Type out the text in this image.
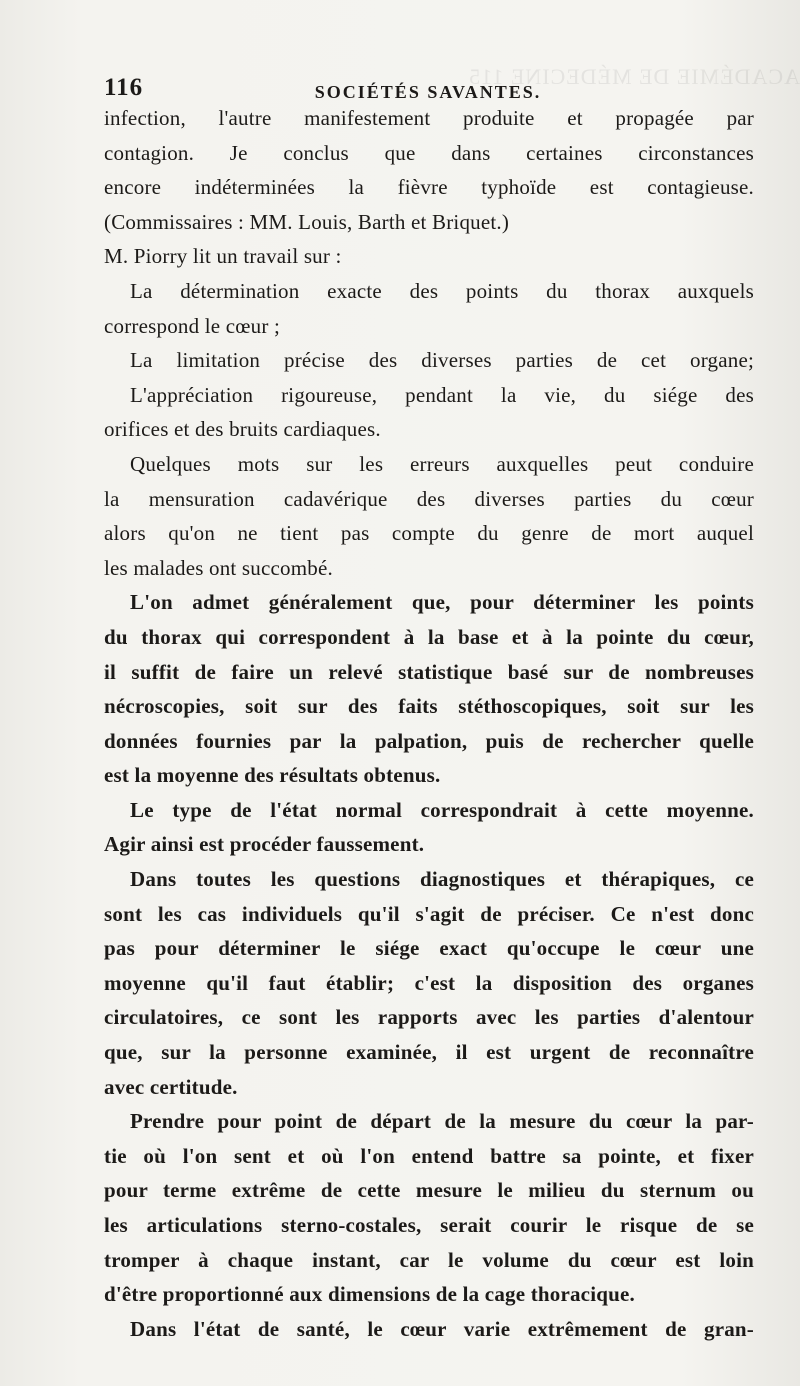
ACADÉMIE DE MÉDECINE 115
116	SOCIÉTÉS SAVANTES.
infection, l'autre manifestement produite et propagée par
contagion. Je conclus que dans certaines circonstances
encore indéterminées la fièvre typhoïde est contagieuse.
(Commissaires : MM. Louis, Barth et Briquet.)
M. Piorry lit un travail sur :
La détermination exacte des points du thorax auxquels
correspond le cœur ;
La limitation précise des diverses parties de cet organe;
L'appréciation rigoureuse, pendant la vie, du siége des
orifices et des bruits cardiaques.
Quelques mots sur les erreurs auxquelles peut conduire
la mensuration cadavérique des diverses parties du cœur
alors qu'on ne tient pas compte du genre de mort auquel
les malades ont succombé.
L'on admet généralement que, pour déterminer les points
du thorax qui correspondent à la base et à la pointe du cœur,
il suffit de faire un relevé statistique basé sur de nombreuses
nécroscopies, soit sur des faits stéthoscopiques, soit sur les
données fournies par la palpation, puis de rechercher quelle
est la moyenne des résultats obtenus.
Le type de l'état normal correspondrait à cette moyenne.
Agir ainsi est procéder faussement.
Dans toutes les questions diagnostiques et thérapiques, ce
sont les cas individuels qu'il s'agit de préciser. Ce n'est donc
pas pour déterminer le siége exact qu'occupe le cœur une
moyenne qu'il faut établir; c'est la disposition des organes
circulatoires, ce sont les rapports avec les parties d'alentour
que, sur la personne examinée, il est urgent de reconnaître
avec certitude.
Prendre pour point de départ de la mesure du cœur la par-
tie où l'on sent et où l'on entend battre sa pointe, et fixer
pour terme extrême de cette mesure le milieu du sternum ou
les articulations sterno-costales, serait courir le risque de se
tromper à chaque instant, car le volume du cœur est loin
d'être proportionné aux dimensions de la cage thoracique.
Dans l'état de santé, le cœur varie extrêmement de gran-
